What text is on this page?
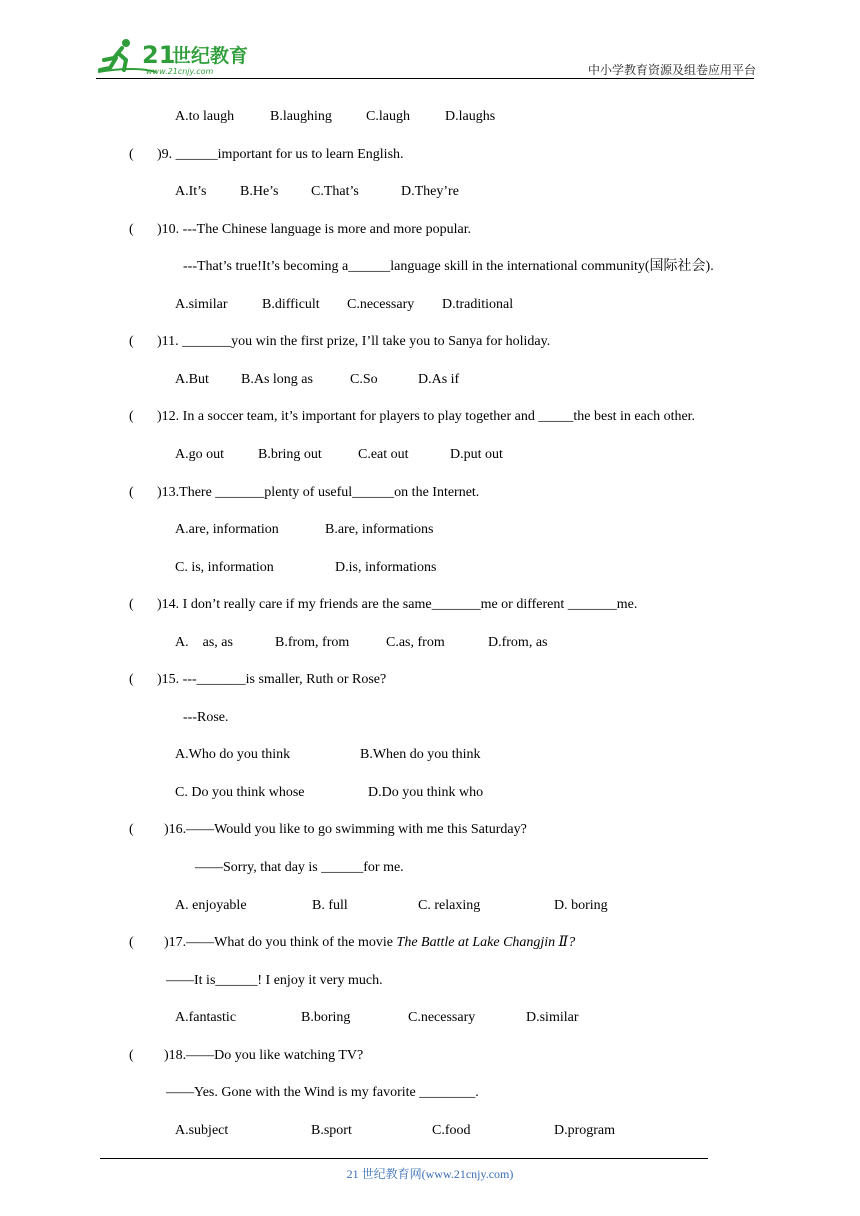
21
世纪教育
www.21cnjy.com	中小学教育资源及组卷应用平台
A.to laugh	B.laughing C.laugh	D.laughs
( )9. ______important for us to learn English.
A.It’s B.He’s C.That’s	D.They’re
( )10. ---The Chinese language is more and more popular.
---That’s true!It’s becoming a______language skill in the international community(国际社会).
A.similar B.difficult C.necessary D.traditional
( )11. _______you win the first prize, I’ll take you to Sanya for holiday.
A.But B.As long as	C.So	D.As if
( )12. In a soccer team, it’s important for players to play together and _____the best in each other.
A.go out B.bring out	C.eat out	D.put out
( )13.There _______plenty of useful______on the Internet.
A.are, information	B.are, informations
C. is, information	D.is, informations
( )14. I don’t really care if my friends are the same_______me or different _______me.
A.    as, as	B.from, from	C.as, from	D.from, as
( )15. ---_______is smaller, Ruth or Rose?
---Rose.
A.Who do you think	B.When do you think
C. Do you think whose	D.Do you think who
( )16.——Would you like to go swimming with me this Saturday?
——Sorry, that day is ______for me.
A. enjoyable	B. full	C. relaxing	D. boring
( )17.——What do you think of the movie The Battle at Lake Changjin Ⅱ?
——It is______! I enjoy it very much.
A.fantastic	B.boring	C.necessary	D.similar
( )18.——Do you like watching TV?
——Yes. Gone with the Wind is my favorite ________.
A.subject	B.sport	C.food	D.program
21 世纪教育网(www.21cnjy.com)
